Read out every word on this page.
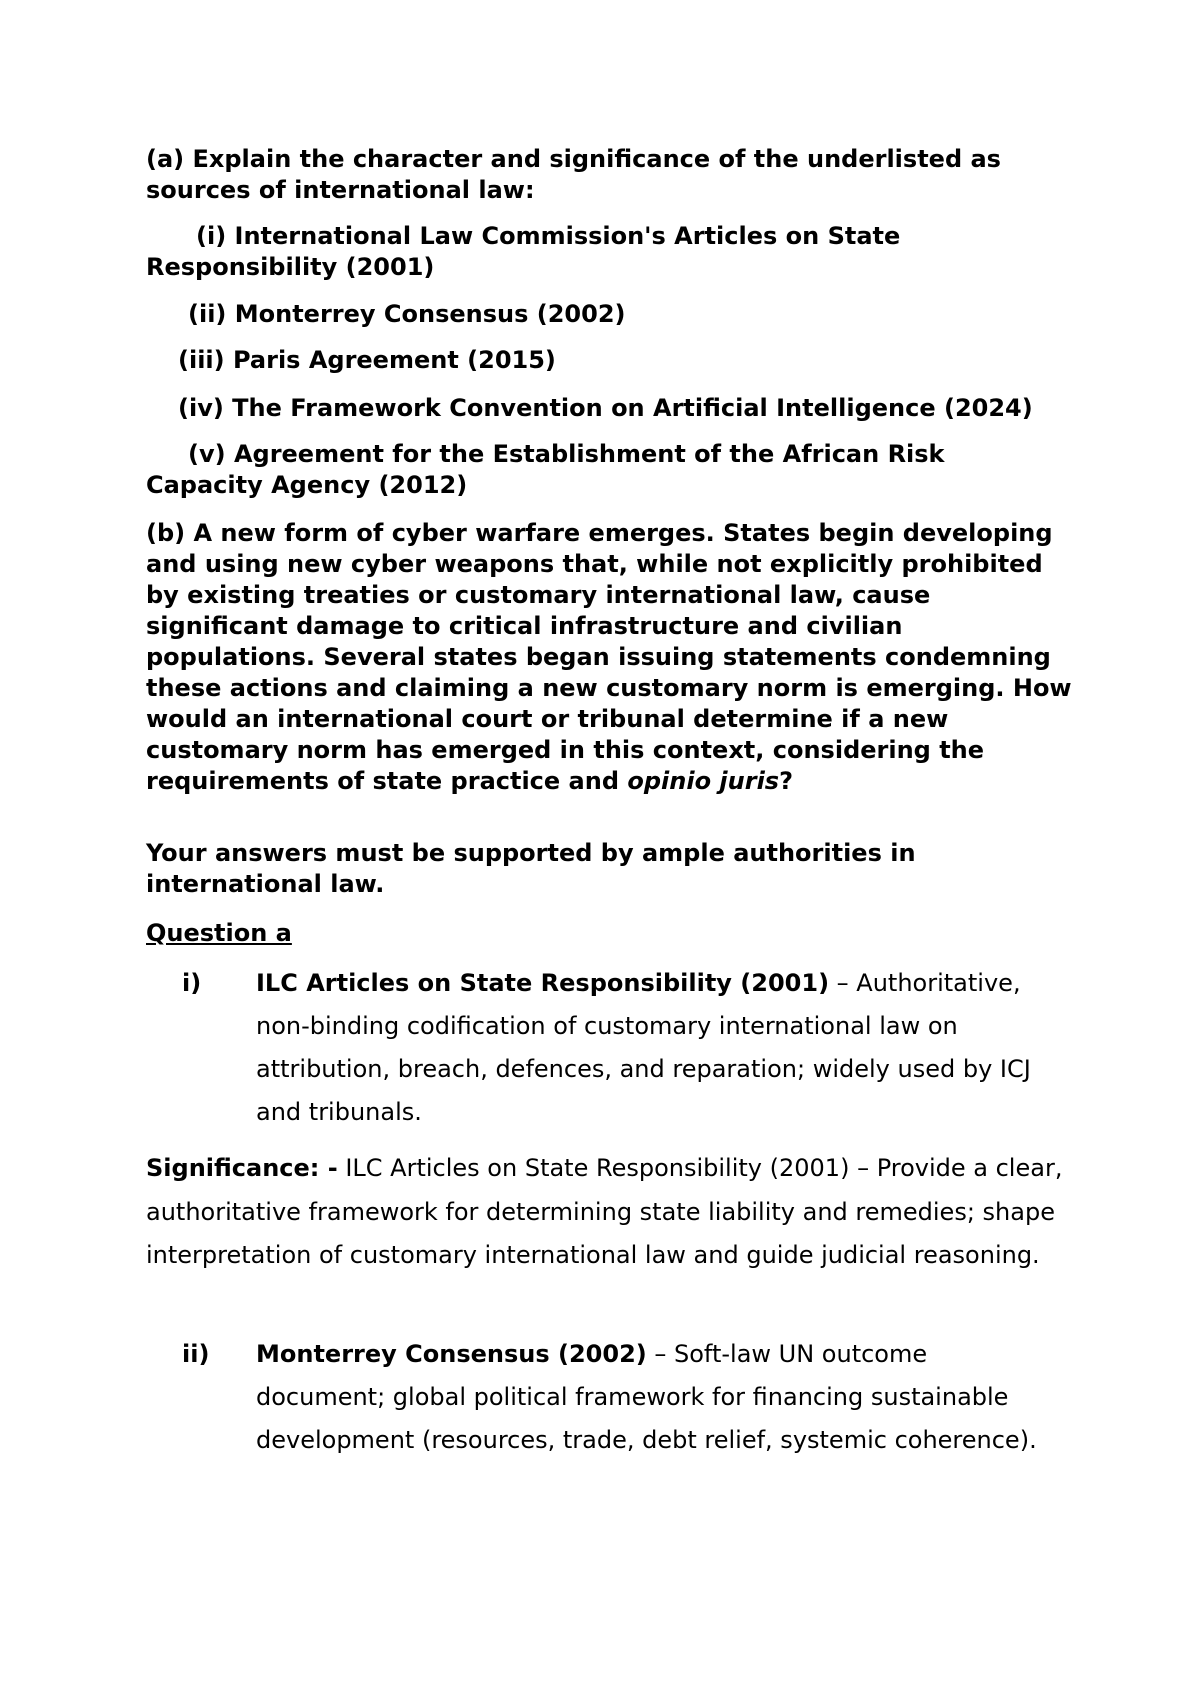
(a) Explain the character and significance of the underlisted as sources of international law:
(i) International Law Commission's Articles on State
Responsibility (2001)
(ii) Monterrey Consensus (2002)
(iii) Paris Agreement (2015)
(iv) The Framework Convention on Artificial Intelligence (2024)
(v) Agreement for the Establishment of the African Risk
Capacity Agency (2012)
(b) A new form of cyber warfare emerges. States begin developing and using new cyber weapons that, while not explicitly prohibited by existing treaties or customary international law, cause significant damage to critical infrastructure and civilian populations. Several states began issuing statements condemning these actions and claiming a new customary norm is emerging. How would an international court or tribunal determine if a new customary norm has emerged in this context, considering the requirements of state practice and opinio juris?
Your answers must be supported by ample authorities in international law.
Question a
i) ILC Articles on State Responsibility (2001) – Authoritative, non-binding codification of customary international law on attribution, breach, defences, and reparation; widely used by ICJ and tribunals.
Significance: - ILC Articles on State Responsibility (2001) – Provide a clear, authoritative framework for determining state liability and remedies; shape interpretation of customary international law and guide judicial reasoning.
ii) Monterrey Consensus (2002) – Soft-law UN outcome document; global political framework for financing sustainable development (resources, trade, debt relief, systemic coherence).
